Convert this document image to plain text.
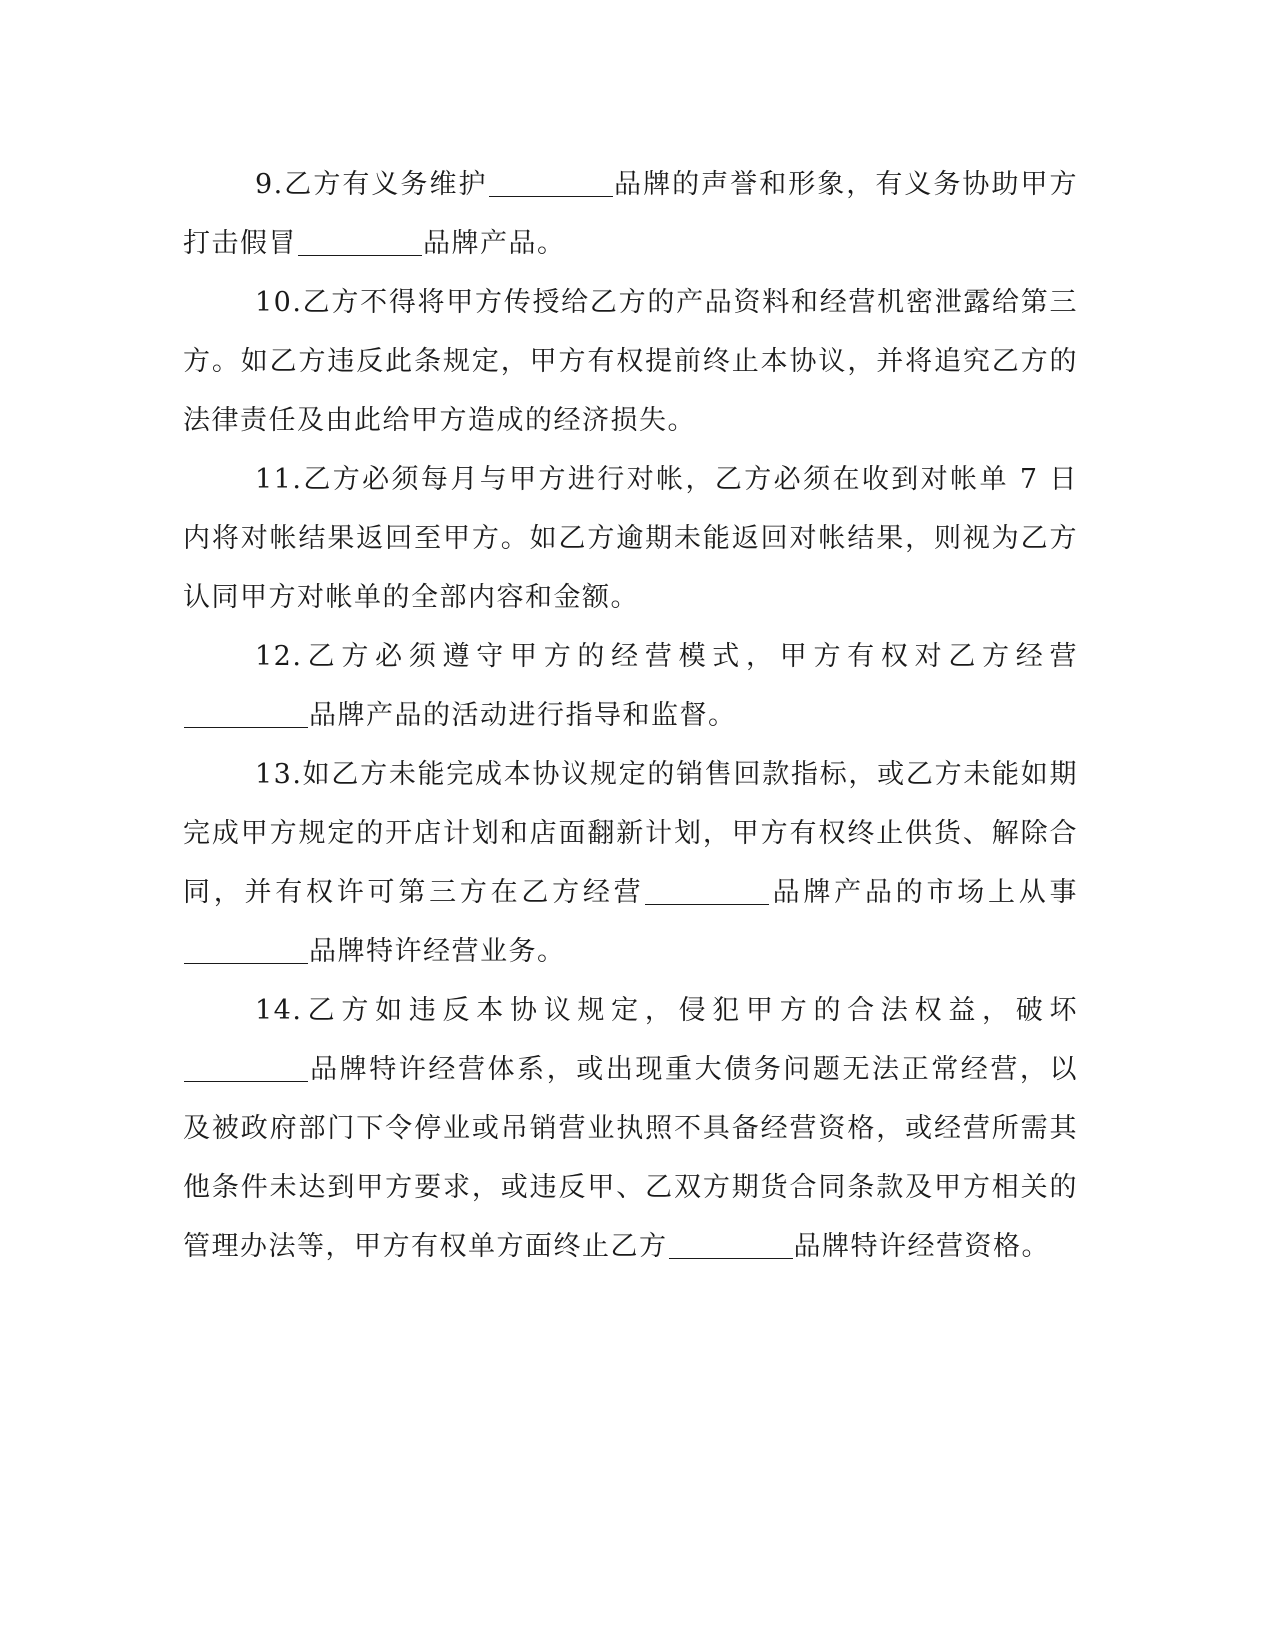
9.乙方有义务维护	品牌的声誉和形象，有义务协助甲方打击假冒	品牌产品。

10.乙方不得将甲方传授给乙方的产品资料和经营机密泄露给第三方。如乙方违反此条规定，甲方有权提前终止本协议，并将追究乙方的法律责任及由此给甲方造成的经济损失。

11.乙方必须每月与甲方进行对帐，乙方必须在收到对帐单 7 日内将对帐结果返回至甲方。如乙方逾期未能返回对帐结果，则视为乙方认同甲方对帐单的全部内容和金额。

12.乙方必须遵守甲方的经营模式，甲方有权对乙方经营品牌产品的活动进行指导和监督。

13.如乙方未能完成本协议规定的销售回款指标，或乙方未能如期完成甲方规定的开店计划和店面翻新计划，甲方有权终止供货、解除合同，并有权许可第三方在乙方经营	品牌产品的市场上从事品牌特许经营业务。

14.乙方如违反本协议规定，侵犯甲方的合法权益，破坏品牌特许经营体系，或出现重大债务问题无法正常经营，以及被政府部门下令停业或吊销营业执照不具备经营资格，或经营所需其他条件未达到甲方要求，或违反甲、乙双方期货合同条款及甲方相关的管理办法等，甲方有权单方面终止乙方	品牌特许经营资格。
